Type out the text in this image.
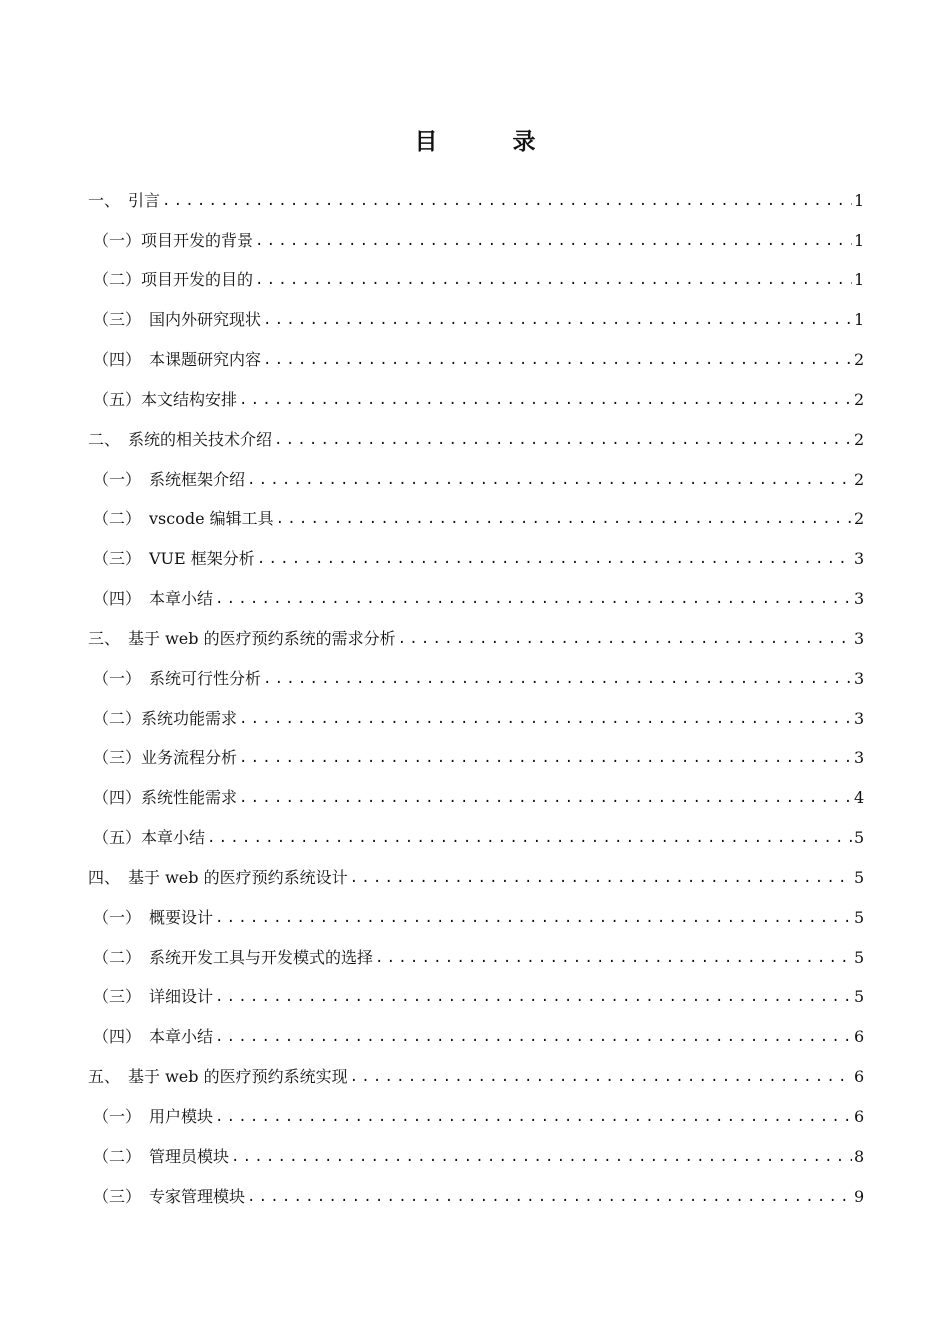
目　录
一、　引言 .....	1
（一）项目开发的背景 .....	1
（二）项目开发的目的 .....	1
（三）　国内外研究现状 .....	1
（四）　本课题研究内容 .....	2
（五）本文结构安排 .....	2
二、　系统的相关技术介绍 .....	2
（一）　系统框架介绍 .....	2
（二）　vscode 编辑工具 .....	2
（三）　VUE 框架分析 .....	3
（四）　本章小结 .....	3
三、　基于 web 的医疗预约系统的需求分析 .....	3
（一）　系统可行性分析 .....	3
（二）系统功能需求 .....	3
（三）业务流程分析 .....	3
（四）系统性能需求 .....	4
（五）本章小结 .....	5
四、　基于 web 的医疗预约系统设计 .....	5
（一）　概要设计 .....	5
（二）　系统开发工具与开发模式的选择 .....	5
（三）　详细设计 .....	5
（四）　本章小结 .....	6
五、　基于 web 的医疗预约系统实现 .....	6
（一）　用户模块 .....	6
（二）　管理员模块 .....	8
（三）　专家管理模块 .....	9
